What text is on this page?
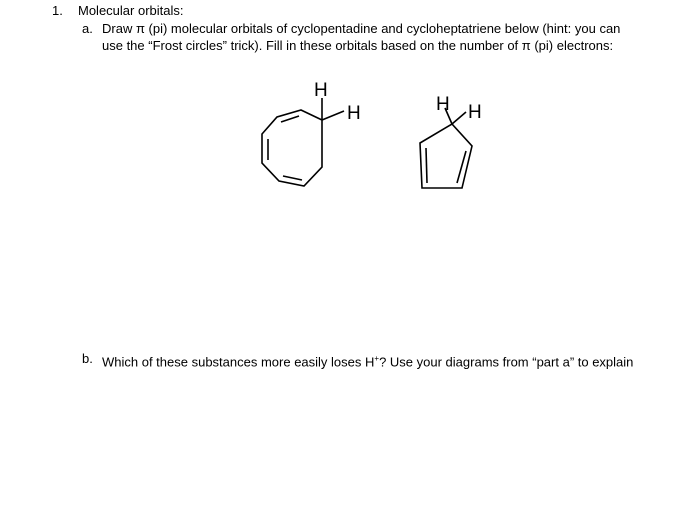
1. Molecular orbitals:
a. Draw π (pi) molecular orbitals of cyclopentadine and cycloheptatriene below (hint: you can
use the “Frost circles” trick). Fill in these orbitals based on the number of π (pi) electrons:
H
H	H H
b. Which of these substances more easily loses H+? Use your diagrams from “part a” to explain
